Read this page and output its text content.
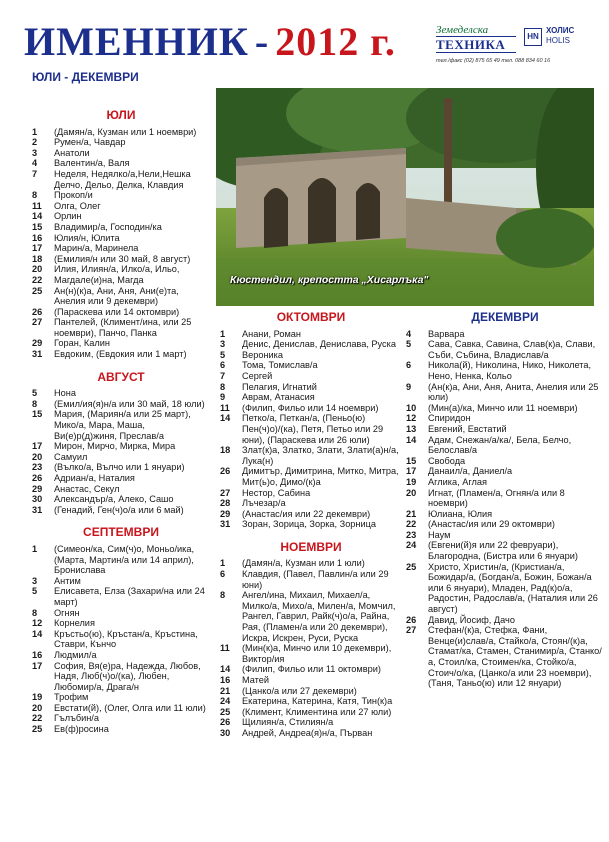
ИМЕННИК - 2012 г.	Земеделска
ТЕХНИКА
HN
ХОЛИС
HOLIS
тел./факс (02) 875 65 49 тел. 088 834 60 16
ЮЛИ - ДЕКЕМВРИ
Кюстендил, крепостта „Хисарлъка"
ЮЛИ
1	(Дамян/а, Кузман или 1 ноември)
2	Румен/а, Чавдар
3	Анатоли
4	Валентин/а, Валя
7	Неделя, Недялко/а,Нели,Нешка Делчо, Дельо, Делка, Клавдия
8	Прокоп/и
11	Олга, Олег
14	Орлин
15	Владимир/а, Господин/ка
16	Юлия/н, Юлита
17	Марин/а, Маринела
18	(Емилия/н или 30 май, 8 август)
20	Илия, Илиян/а, Илко/а, Ильо,
22	Магдале(и)на, Магда
25	Ан(н)(к)а, Ани, Аня, Ани(е)та, Анелия или 9 декември)
26	(Параскева или 14 октомври)
27	Пантелей, (Климент/ина, или 25 ноември), Панчо, Панка
29	Горан, Калин
31	Евдоким, (Евдокия или 1 март)
АВГУСТ
5	Нона
8	(Емил/ия(я)н/а или 30 май, 18 юли)
15	Мария, (Мариян/а или 25 март), Мико/а, Мара, Маша, Ви(е)р(д)жиня, Преслав/а
17	Мирон, Мирчо, Мирка, Мира
20	Самуил
23	(Вълко/а, Вълчо или 1 януари)
26	Адриан/а, Наталия
29	Анастас, Секул
30	Александър/а, Алеко, Сашо
31	(Генадий, Ген(ч)о/а или 6 май)
СЕПТЕМВРИ
1	(Симеон/ка, Сим(ч)о, Моньо/ика, (Марта, Мартин/а или 14 април), Бронислава
3	Антим
5	Елисавета, Елза (Захари/на или 24 март)
8	Огнян
12	Корнелия
14	Кръстьо(ю), Кръстан/а, Кръстина, Ставри, Кънчо
16	Людмил/а
17	София, Вя(е)ра, Надежда, Любов, Надя, Люб(ч)о/(ка), Любен, Любомир/а, Драга/н
19	Трофим
20	Евстати(й), (Олег, Олга или 11 юли)
22	Гълъбин/а
25	Ев(ф)росина
ОКТОМВРИ
1	Анани, Роман
3	Денис, Денислав, Денислава, Руска
5	Вероника
6	Тома, Томислав/а
7	Сергей
8	Пелагия, Игнатий
9	Аврам, Атанасия
11	(Филип, Фильо или 14 ноември)
14	Петко/а, Петкан/а, (Пеньо(ю) Пен(ч)о)/(ка), Петя, Петьо или 29 юни), (Параскева или 26 юли)
18	Злат(к)а, Златко, Злати, Злати(а)н/а, Лука(н)
26	Димитър, Димитрина, Митко, Митра, Мит(ь)о, Димо/(к)а
27	Нестор, Сабина
28	Лъчезар/а
29	(Анастас/ия или 22 декември)
31	Зоран, Зорица, Зорка, Зорница
НОЕМВРИ
1	(Дамян/а, Кузман или 1 юли)
6	Клавдия, (Павел, Павлин/а или 29 юни)
8	Ангел/ина, Михаил, Михаел/а, Милко/а, Михо/а, Милен/а, Момчил, Рангел, Гаврил, Райк(ч)о/а, Райна, Рая, (Пламен/а или 20 декември), Искра, Искрен, Руси, Руска
11	(Мин(к)а, Минчо или 10 декември), Виктор/ия
14	(Филип, Фильо или 11 октомври)
16	Матей
21	(Цанко/а или 27 декември)
24	Екатерина, Катерина, Катя, Тин(к)а
25	(Климент, Климентина или 27 юли)
26	Щилиян/а, Стилиян/а
30	Андрей, Андреа(я)н/а, Първан
ДЕКЕМВРИ
4	Варвара
5	Сава, Савка, Савина, Слав(к)а, Слави, Съби, Събина, Владислав/а
6	Никола(й), Николина, Нико, Николета, Нено, Ненка, Кольо
9	(Ан(к)а, Ани, Аня, Анита, Анелия или 25 юли)
10	(Мин(а)/ка, Минчо или 11 ноември)
12	Спиридон
13	Евгений, Евстатий
14	Адам, Снежан/а/ка/, Бела, Белчо, Белослав/а
15	Свобода
17	Данаил/а, Даниел/а
19	Аглика, Аглая
20	Игнат, (Пламен/а, Огнян/а или 8 ноември)
21	Юлиана, Юлия
22	(Анастас/ия или 29 октомври)
23	Наум
24	(Евгени(й)я или 22 февруари), Благородна, (Бистра или 6 януари)
25	Христо, Христин/а, (Кристиан/а, Божидар/а, (Богдан/а, Божин, Божан/а или 6 януари), Младен, Рад(к)о/а, Радостин, Радослав/а, (Наталия или 26 август)
26	Давид, Йосиф, Дачо
27	Стефан/(к)а, Стефка, Фани, Венце(и)слав/а, Стайко/а, Стоян/(к)а, Стамат/ка, Стамен, Станимир/а, Станко/а, Стоил/ка, Стоимен/ка, Стойко/а, Стоич/о/ка, (Цанко/а или 23 ноември), (Таня, Таньо(ю) или 12 януари)
